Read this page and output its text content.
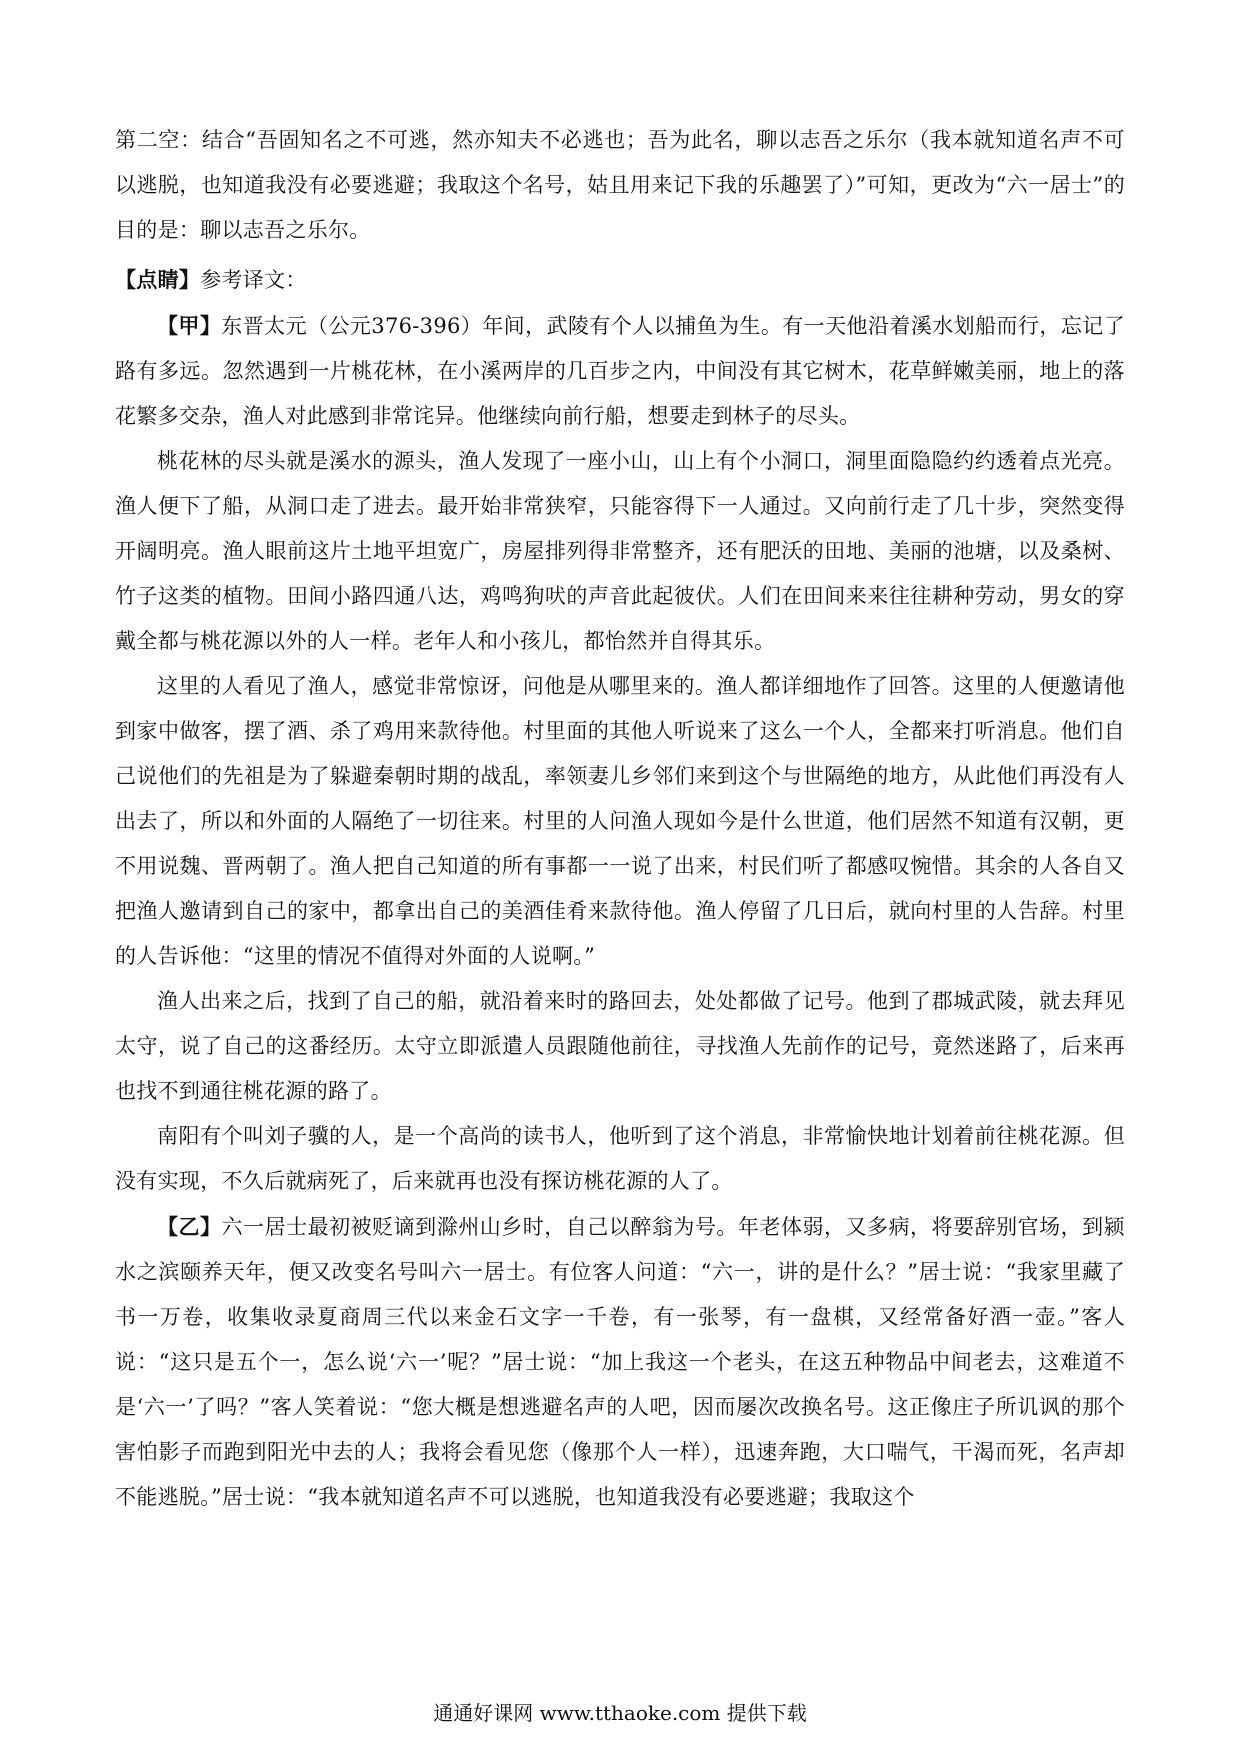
第二空：结合“吾固知名之不可逃，然亦知夫不必逃也；吾为此名，聊以志吾之乐尔（我本就知道名声不可以逃脱，也知道我没有必要逃避；我取这个名号，姑且用来记下我的乐趣罢了）”可知，更改为“六一居士”的目的是：聊以志吾之乐尔。

【点睛】参考译文：

【甲】东晋太元（公元376-396）年间，武陵有个人以捕鱼为生。有一天他沿着溪水划船而行，忘记了路有多远。忽然遇到一片桃花林，在小溪两岸的几百步之内，中间没有其它树木，花草鲜嫩美丽，地上的落花繁多交杂，渔人对此感到非常诧异。他继续向前行船，想要走到林子的尽头。

桃花林的尽头就是溪水的源头，渔人发现了一座小山，山上有个小洞口，洞里面隐隐约约透着点光亮。渔人便下了船，从洞口走了进去。最开始非常狭窄，只能容得下一人通过。又向前行走了几十步，突然变得开阔明亮。渔人眼前这片土地平坦宽广，房屋排列得非常整齐，还有肥沃的田地、美丽的池塘，以及桑树、竹子这类的植物。田间小路四通八达，鸡鸣狗吠的声音此起彼伏。人们在田间来来往往耕种劳动，男女的穿戴全都与桃花源以外的人一样。老年人和小孩儿，都怡然并自得其乐。

这里的人看见了渔人，感觉非常惊讶，问他是从哪里来的。渔人都详细地作了回答。这里的人便邀请他到家中做客，摆了酒、杀了鸡用来款待他。村里面的其他人听说来了这么一个人，全都来打听消息。他们自己说他们的先祖是为了躲避秦朝时期的战乱，率领妻儿乡邻们来到这个与世隔绝的地方，从此他们再没有人出去了，所以和外面的人隔绝了一切往来。村里的人问渔人现如今是什么世道，他们居然不知道有汉朝，更不用说魏、晋两朝了。渔人把自己知道的所有事都一一说了出来，村民们听了都感叹惋惜。其余的人各自又把渔人邀请到自己的家中，都拿出自己的美酒佳肴来款待他。渔人停留了几日后，就向村里的人告辞。村里的人告诉他：“这里的情况不值得对外面的人说啊。”

渔人出来之后，找到了自己的船，就沿着来时的路回去，处处都做了记号。他到了郡城武陵，就去拜见太守，说了自己的这番经历。太守立即派遣人员跟随他前往，寻找渔人先前作的记号，竟然迷路了，后来再也找不到通往桃花源的路了。

南阳有个叫刘子骥的人，是一个高尚的读书人，他听到了这个消息，非常愉快地计划着前往桃花源。但没有实现，不久后就病死了，后来就再也没有探访桃花源的人了。

【乙】六一居士最初被贬谪到滁州山乡时，自己以醉翁为号。年老体弱，又多病，将要辞别官场，到颍水之滨颐养天年，便又改变名号叫六一居士。有位客人问道：“六一，讲的是什么？”居士说：“我家里藏了书一万卷，收集收录夏商周三代以来金石文字一千卷，有一张琴，有一盘棋，又经常备好酒一壶。”客人说：“这只是五个一，怎么说‘六一’呢？”居士说：“加上我这一个老头，在这五种物品中间老去，这难道不是‘六一’了吗？”客人笑着说：“您大概是想逃避名声的人吧，因而屡次改换名号。这正像庄子所讥讽的那个害怕影子而跑到阳光中去的人；我将会看见您（像那个人一样），迅速奔跑，大口喘气，干渴而死，名声却不能逃脱。”居士说：“我本就知道名声不可以逃脱，也知道我没有必要逃避；我取这个

通通好课网 www.tthaoke.com 提供下载
